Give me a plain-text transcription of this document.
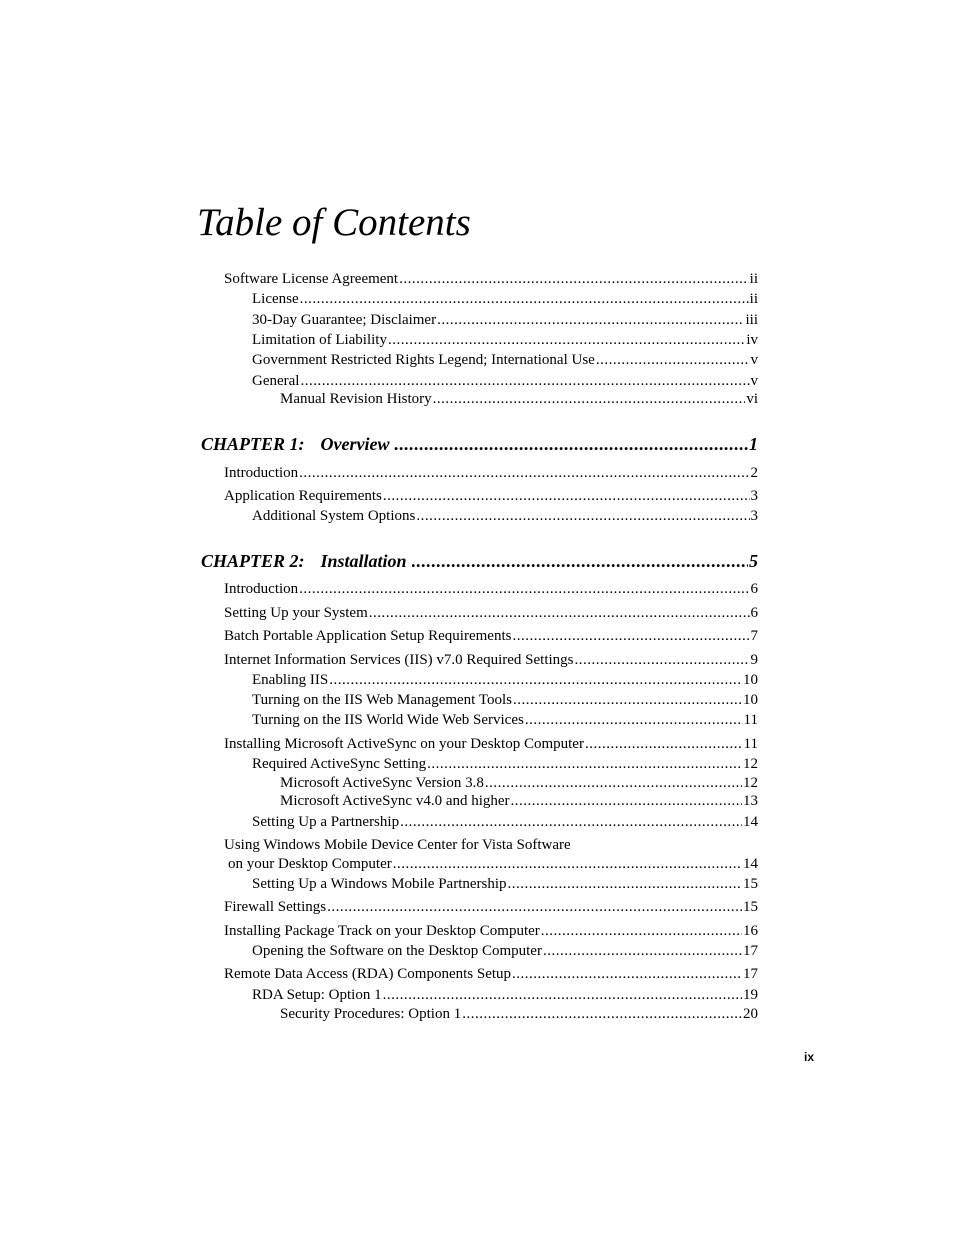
Table of Contents
Software License Agreement .....	ii
License .....	ii
30-Day Guarantee; Disclaimer .....	iii
Limitation of Liability .....	iv
Government Restricted Rights Legend; International Use .....	v
General .....	v
Manual Revision History .....	vi
CHAPTER 1: Overview .....	1
Introduction .....	2
Application Requirements .....	3
Additional System Options .....	3
CHAPTER 2: Installation .....	5
Introduction .....	6
Setting Up your System .....	6
Batch Portable Application Setup Requirements .....	7
Internet Information Services (IIS) v7.0 Required Settings .....	9
Enabling IIS .....	10
Turning on the IIS Web Management Tools .....	10
Turning on the IIS World Wide Web Services .....	11
Installing Microsoft ActiveSync on your Desktop Computer .....	11
Required ActiveSync Setting .....	12
Microsoft ActiveSync Version 3.8 .....	12
Microsoft ActiveSync v4.0 and higher .....	13
Setting Up a Partnership .....	14
Using Windows Mobile Device Center for Vista Software
on your Desktop Computer .....	14
Setting Up a Windows Mobile Partnership .....	15
Firewall Settings .....	15
Installing Package Track on your Desktop Computer .....	16
Opening the Software on the Desktop Computer .....	17
Remote Data Access (RDA) Components Setup .....	17
RDA Setup: Option 1 .....	19
Security Procedures: Option 1 .....	20
ix
